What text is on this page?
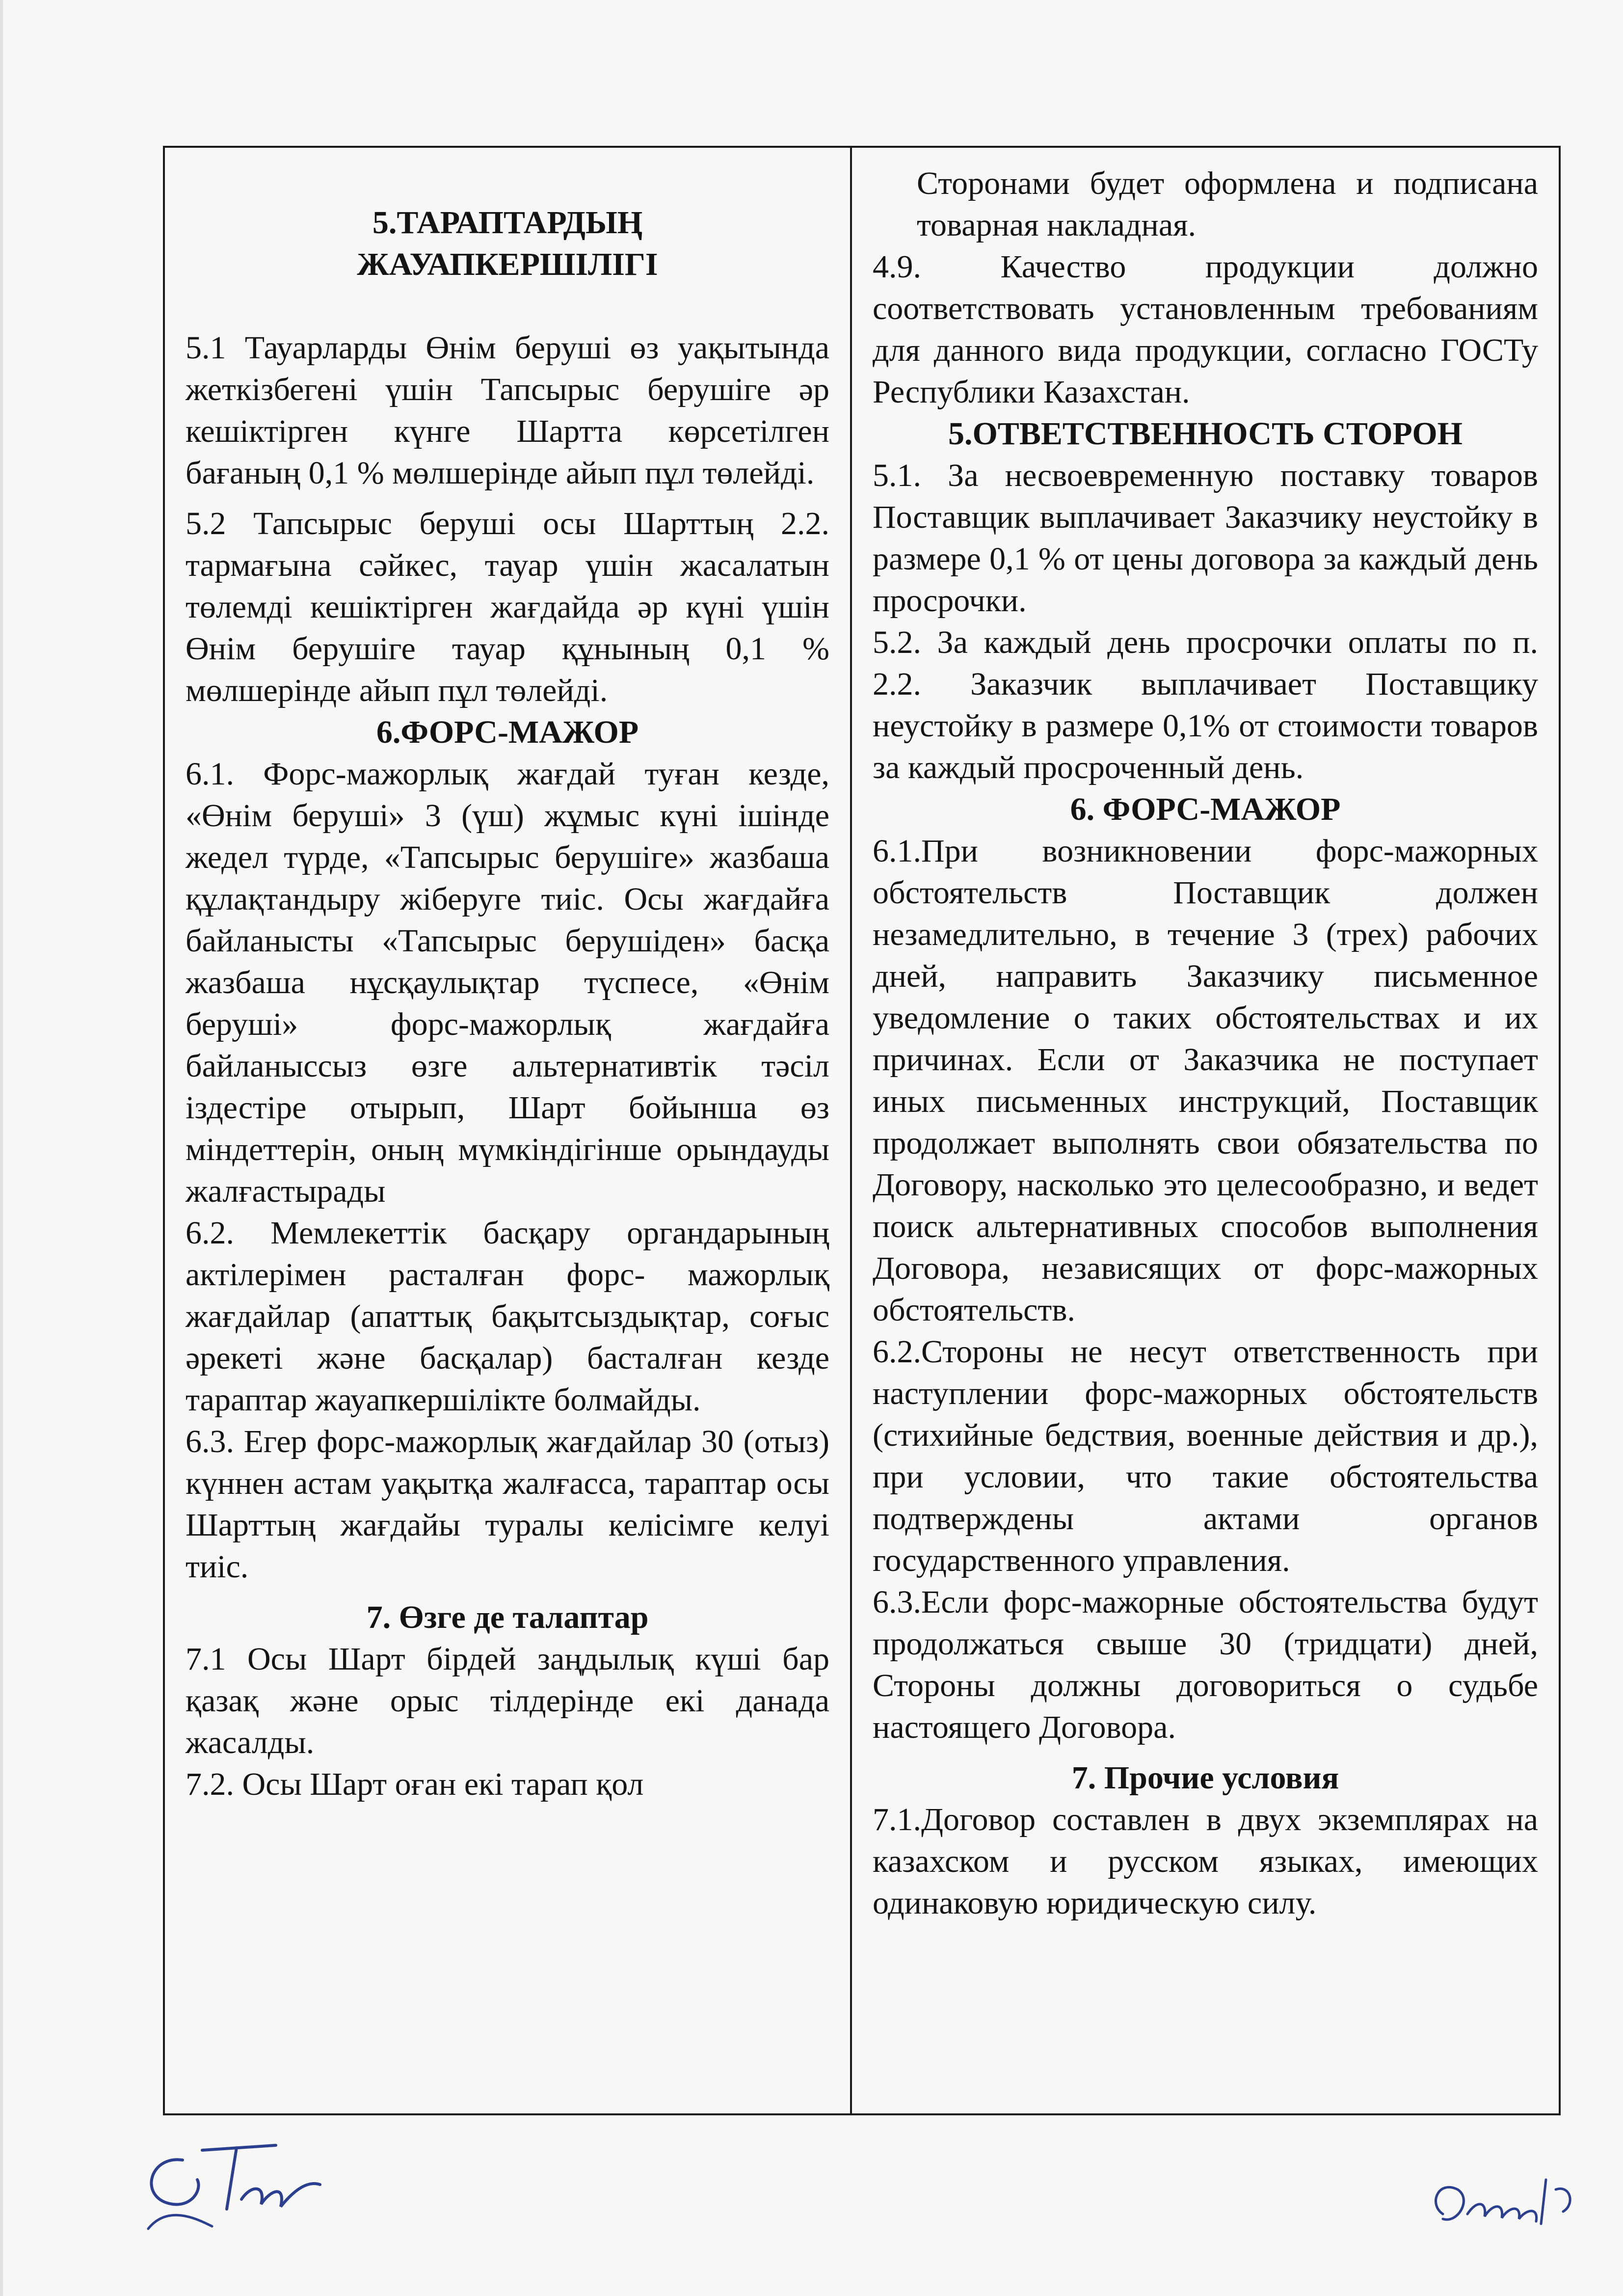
5.ТАРАПТАРДЫҢ

ЖАУАПКЕРШІЛІГІ

5.1 Тауарларды Өнім беруші өз уақытында жеткізбегені үшін Тапсырыс берушіге әр кешіктірген күнге Шартта көрсетілген бағаның 0,1 % мөлшерінде айып пұл төлейді.

5.2 Тапсырыс беруші осы Шарттың 2.2. тармағына сәйкес, тауар үшін жасалатын төлемді кешіктірген жағдайда әр күні үшін Өнім берушіге тауар құнының 0,1 % мөлшерінде айып пұл төлейді.

6.ФОРС-МАЖОР

6.1. Форс-мажорлық жағдай туған кезде, «Өнім беруші» 3 (үш) жұмыс күні ішінде жедел түрде, «Тапсырыс берушіге» жазбаша құлақтандыру жіберуге тиіс. Осы жағдайға байланысты «Тапсырыс берушіден» басқа жазбаша нұсқаулықтар түспесе, «Өнім беруші» форс-мажорлық жағдайға байланыссыз өзге альтернативтік тәсіл іздестіре отырып, Шарт бойынша өз міндеттерін, оның мүмкіндігінше орындауды жалғастырады

6.2. Мемлекеттік басқару органдарының актілерімен расталған форс- мажорлық жағдайлар (апаттық бақытсыздықтар, соғыс әрекеті және басқалар) басталған кезде тараптар жауапкершілікте болмайды.

6.3. Егер форс-мажорлық жағдайлар 30 (отыз) күннен астам уақытқа жалғасса, тараптар осы Шарттың жағдайы туралы келісімге келуі тиіс.

7. Өзге де талаптар

7.1 Осы Шарт бірдей заңдылық күші бар қазақ және орыс тілдерінде екі данада жасалды.

7.2. Осы Шарт оған екі тарап қол

Сторонами будет оформлена и подписана товарная накладная.

4.9. Качество продукции должно соответствовать установленным требованиям для данного вида продукции, согласно ГОСТу Республики Казахстан.

5.ОТВЕТСТВЕННОСТЬ СТОРОН

5.1. За несвоевременную поставку товаров Поставщик выплачивает Заказчику неустойку в размере 0,1 % от цены договора за каждый день просрочки.

5.2. За каждый день просрочки оплаты по п. 2.2. Заказчик выплачивает Поставщику неустойку в размере 0,1% от стоимости товаров за каждый просроченный день.

6. ФОРС-МАЖОР

6.1.При возникновении форс-мажорных обстоятельств Поставщик должен незамедлительно, в течение 3 (трех) рабочих дней, направить Заказчику письменное уведомление о таких обстоятельствах и их причинах. Если от Заказчика не поступает иных письменных инструкций, Поставщик продолжает выполнять свои обязательства по Договору, насколько это целесообразно, и ведет поиск альтернативных способов выполнения Договора, независящих от форс-мажорных обстоятельств.

6.2.Стороны не несут ответственность при наступлении форс-мажорных обстоятельств (стихийные бедствия, военные действия и др.), при условии, что такие обстоятельства подтверждены актами органов государственного управления.

6.3.Если форс-мажорные обстоятельства будут продолжаться свыше 30 (тридцати) дней, Стороны должны договориться о судьбе настоящего Договора.

7. Прочие условия

7.1.Договор составлен в двух экземплярах на казахском и русском языках, имеющих одинаковую юридическую силу.
